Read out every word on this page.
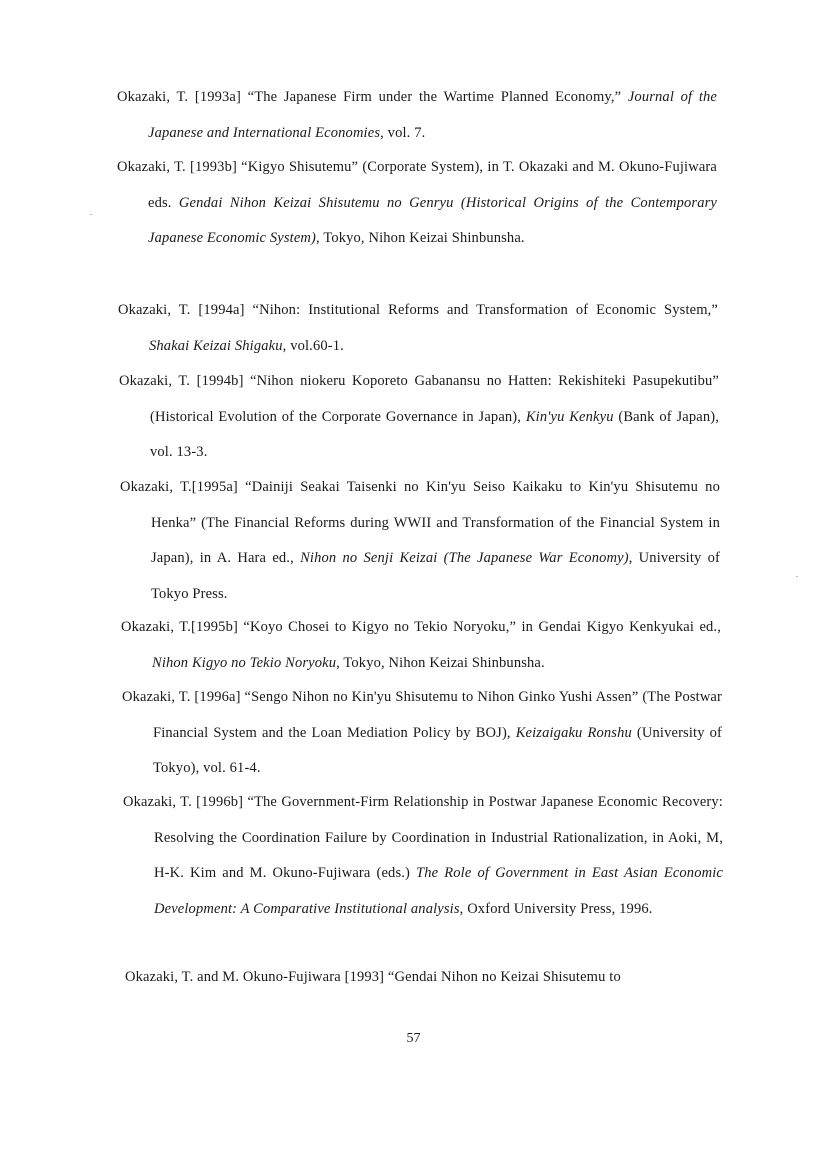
Okazaki, T. [1993a] “The Japanese Firm under the Wartime Planned Economy,” Journal of the Japanese and International Economies, vol. 7.
Okazaki, T. [1993b] “Kigyo Shisutemu” (Corporate System), in T. Okazaki and M. Okuno-Fujiwara eds. Gendai Nihon Keizai Shisutemu no Genryu (Historical Origins of the Contemporary Japanese Economic System), Tokyo, Nihon Keizai Shinbunsha.
Okazaki, T. [1994a] “Nihon: Institutional Reforms and Transformation of Economic System,” Shakai Keizai Shigaku, vol.60-1.
Okazaki, T. [1994b] “Nihon niokeru Koporeto Gabanansu no Hatten: Rekishiteki Pasupekutibu” (Historical Evolution of the Corporate Governance in Japan), Kin'yu Kenkyu (Bank of Japan), vol. 13-3.
Okazaki, T.[1995a] “Dainiji Seakai Taisenki no Kin'yu Seiso Kaikaku to Kin'yu Shisutemu no Henka” (The Financial Reforms during WWII and Transformation of the Financial System in Japan), in A. Hara ed., Nihon no Senji Keizai (The Japanese War Economy), University of Tokyo Press.
Okazaki, T.[1995b] “Koyo Chosei to Kigyo no Tekio Noryoku,” in Gendai Kigyo Kenkyukai ed., Nihon Kigyo no Tekio Noryoku, Tokyo, Nihon Keizai Shinbunsha.
Okazaki, T. [1996a] “Sengo Nihon no Kin'yu Shisutemu to Nihon Ginko Yushi Assen” (The Postwar Financial System and the Loan Mediation Policy by BOJ), Keizaigaku Ronshu (University of Tokyo), vol. 61-4.
Okazaki, T. [1996b] “The Government-Firm Relationship in Postwar Japanese Economic Recovery: Resolving the Coordination Failure by Coordination in Industrial Rationalization, in Aoki, M, H-K. Kim and M. Okuno-Fujiwara (eds.) The Role of Government in East Asian Economic Development: A Comparative Institutional analysis, Oxford University Press, 1996.
Okazaki, T. and M. Okuno-Fujiwara [1993] “Gendai Nihon no Keizai Shisutemu to
57
